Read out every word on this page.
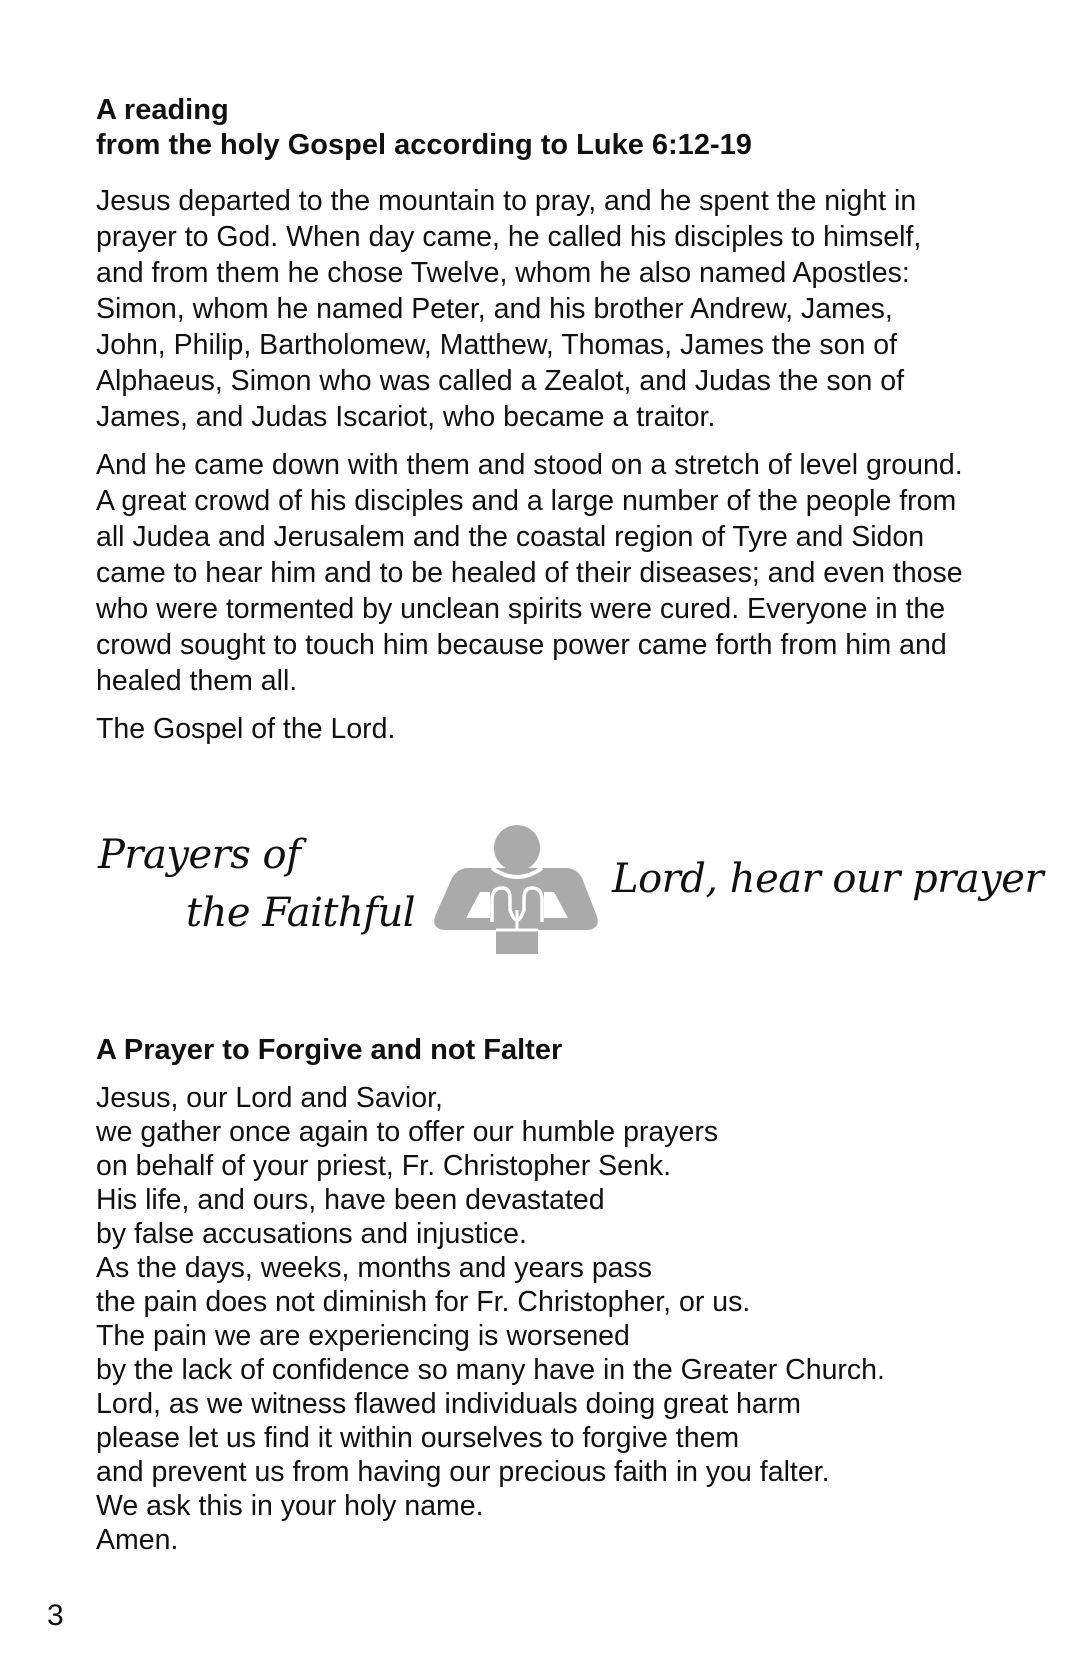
A reading
from the holy Gospel according to Luke 6:12-19
Jesus departed to the mountain to pray, and he spent the night in
prayer to God. When day came, he called his disciples to himself,
and from them he chose Twelve, whom he also named Apostles:
Simon, whom he named Peter, and his brother Andrew, James,
John, Philip, Bartholomew, Matthew, Thomas, James the son of
Alphaeus, Simon who was called a Zealot, and Judas the son of
James, and Judas Iscariot, who became a traitor.
And he came down with them and stood on a stretch of level ground.
A great crowd of his disciples and a large number of the people from
all Judea and Jerusalem and the coastal region of Tyre and Sidon
came to hear him and to be healed of their diseases; and even those
who were tormented by unclean spirits were cured. Everyone in the
crowd sought to touch him because power came forth from him and
healed them all.
The Gospel of the Lord.
Prayers of
the Faithful
Lord, hear our prayer
A Prayer to Forgive and not Falter
Jesus, our Lord and Savior,
we gather once again to offer our humble prayers
on behalf of your priest, Fr. Christopher Senk.
His life, and ours, have been devastated
by false accusations and injustice.
As the days, weeks, months and years pass
the pain does not diminish for Fr. Christopher, or us.
The pain we are experiencing is worsened
by the lack of confidence so many have in the Greater Church.
Lord, as we witness flawed individuals doing great harm
please let us find it within ourselves to forgive them
and prevent us from having our precious faith in you falter.
We ask this in your holy name.
Amen.
3
